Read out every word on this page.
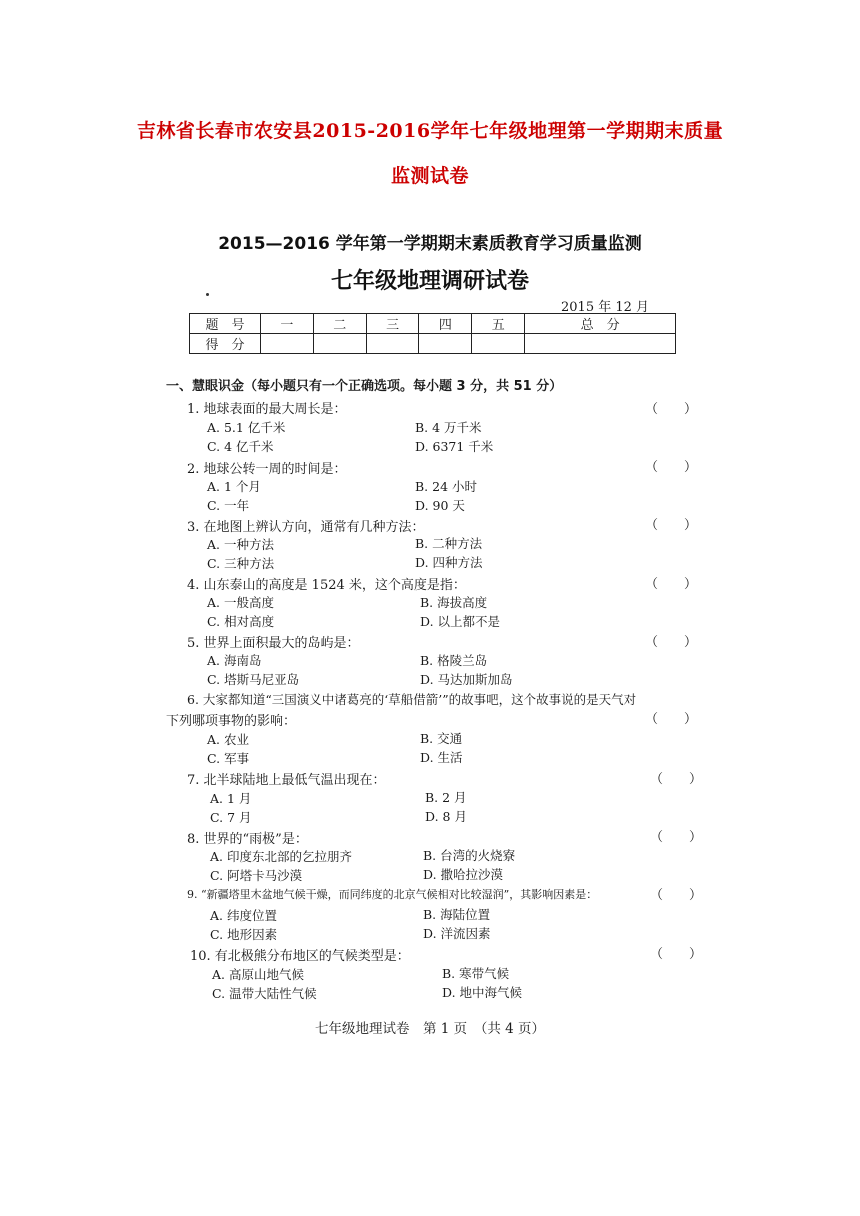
吉林省长春市农安县2015-2016学年七年级地理第一学期期末质量
监测试卷
2015—2016 学年第一学期期末素质教育学习质量监测
七年级地理调研试卷
2015 年 12 月
题　号	一	二	三	四	五	总　分
得　分						
一、慧眼识金（每小题只有一个正确选项。每小题 3 分，共 51 分）
1. 地球表面的最大周长是：	（　　）
A. 5.1 亿千米	B. 4 万千米
C. 4 亿千米	D. 6371 千米
2. 地球公转一周的时间是：	（　　）
A. 1 个月	B. 24 小时
C. 一年	D. 90 天
3. 在地图上辨认方向，通常有几种方法：	（　　）
A. 一种方法	B. 二种方法
C. 三种方法	D. 四种方法
4. 山东泰山的高度是 1524 米，这个高度是指：	（　　）
A. 一般高度	B. 海拔高度
C. 相对高度	D. 以上都不是
5. 世界上面积最大的岛屿是：	（　　）
A. 海南岛	B. 格陵兰岛
C. 塔斯马尼亚岛	D. 马达加斯加岛
6. 大家都知道“三国演义中诸葛亮的‘草船借箭’”的故事吧，这个故事说的是天气对
下列哪项事物的影响：	（　　）
A. 农业	B. 交通
C. 军事	D. 生活
7. 北半球陆地上最低气温出现在：	（　　）
A. 1 月	B. 2 月
C. 7 月	D. 8 月
8. 世界的“雨极”是：	（　　）
A. 印度东北部的乞拉朋齐	B. 台湾的火烧寮
C. 阿塔卡马沙漠	D. 撒哈拉沙漠
9. “新疆塔里木盆地气候干燥，而同纬度的北京气候相对比较湿润”，其影响因素是：	（　　）
A. 纬度位置	B. 海陆位置
C. 地形因素	D. 洋流因素
10. 有北极熊分布地区的气候类型是：	（　　）
A. 高原山地气候	B. 寒带气候
C. 温带大陆性气候	D. 地中海气候
七年级地理试卷　第 1 页　（共 4 页）
